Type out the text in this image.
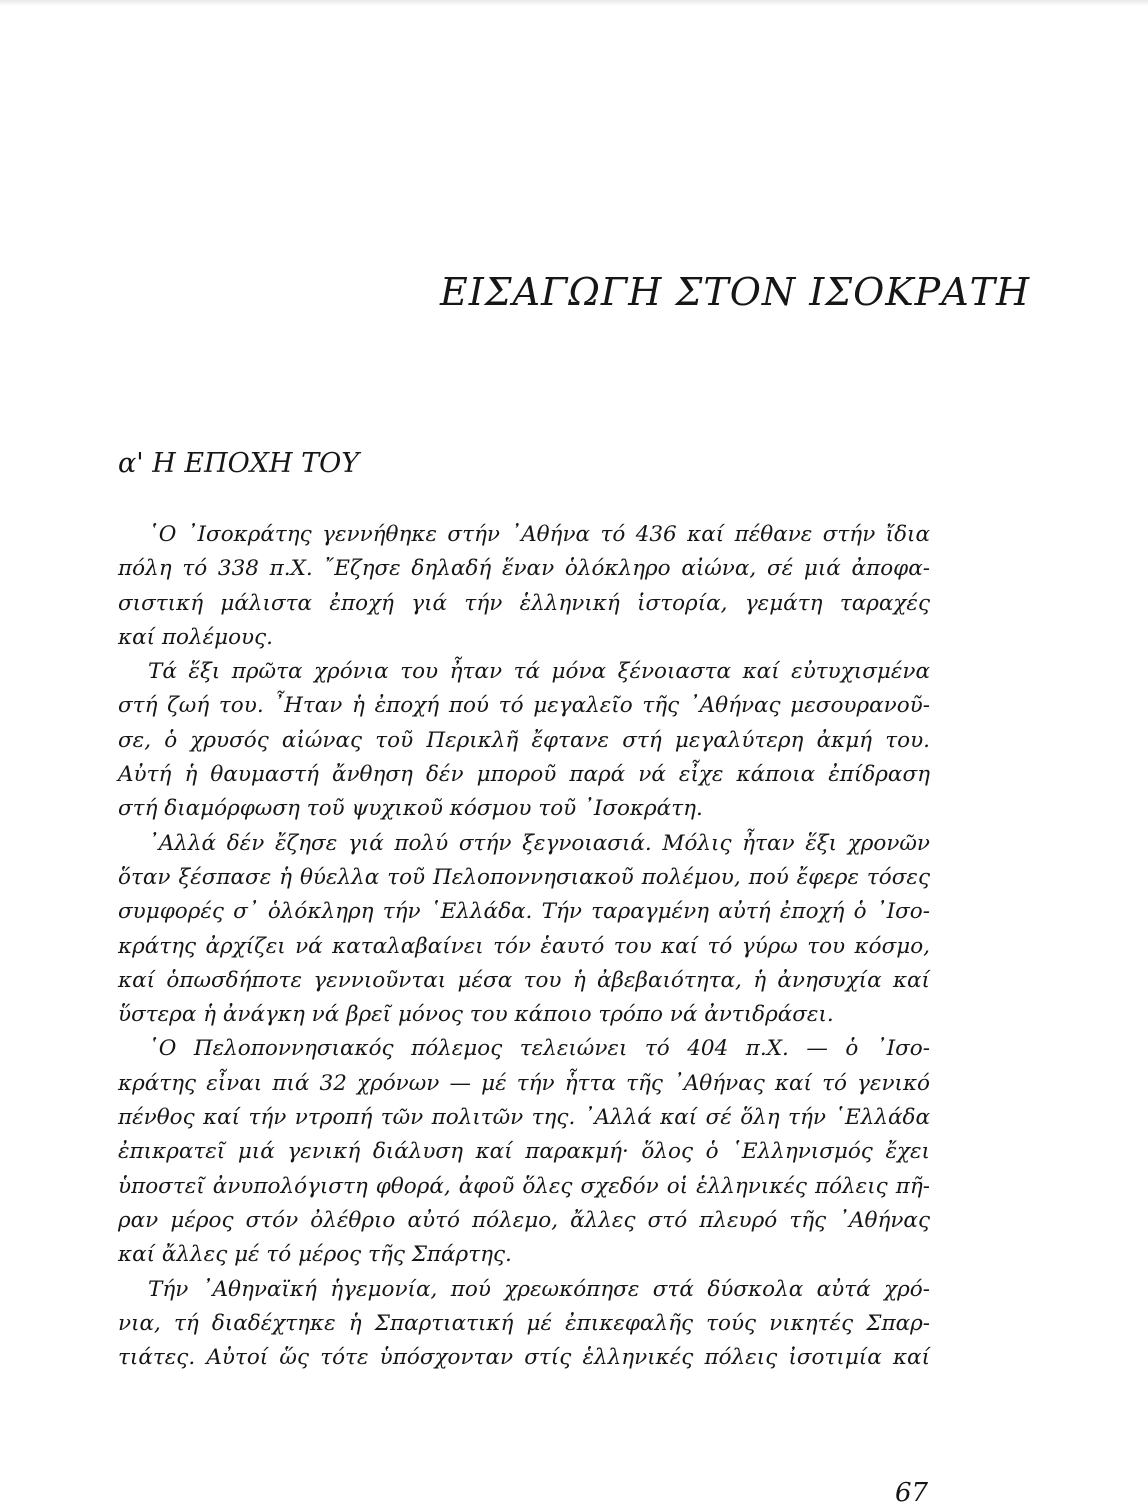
ΕΙΣΑΓΩΓΗ ΣΤΟΝ ΙΣΟΚΡΑΤΗ
α' Η ΕΠΟΧΗ ΤΟΥ

῾Ο ᾿Ισοκράτης γεννήθηκε στήν ᾿Αθήνα τό 436 καί πέθανε στήν ἴδια
πόλη τό 338 π.Χ. ῎Εζησε δηλαδή ἕναν ὁλόκληρο αἰώνα, σέ μιά ἀποφα-
σιστική μάλιστα ἐποχή γιά τήν ἑλληνική ἱστορία, γεμάτη ταραχές
καί πολέμους.

Τά ἕξι πρῶτα χρόνια του ἦταν τά μόνα ξένοιαστα καί εὐτυχισμένα
στή ζωή του. ῏Ηταν ἡ ἐποχή πού τό μεγαλεῖο τῆς ᾿Αθήνας μεσουρανοῦ-
σε, ὁ χρυσός αἰώνας τοῦ Περικλῆ ἔφτανε στή μεγαλύτερη ἀκμή του.
Αὐτή ἡ θαυμαστή ἄνθηση δέν μποροῦ παρά νά εἶχε κάποια ἐπίδραση
στή διαμόρφωση τοῦ ψυχικοῦ κόσμου τοῦ ᾿Ισοκράτη.

᾿Αλλά δέν ἔζησε γιά πολύ στήν ξεγνοιασιά. Μόλις ἦταν ἕξι χρονῶν
ὅταν ξέσπασε ἡ θύελλα τοῦ Πελοποννησιακοῦ πολέμου, πού ἔφερε τόσες
συμφορές σ᾿ ὁλόκληρη τήν ῾Ελλάδα. Τήν ταραγμένη αὐτή ἐποχή ὁ ᾿Ισο-
κράτης ἀρχίζει νά καταλαβαίνει τόν ἑαυτό του καί τό γύρω του κόσμο,
καί ὁπωσδήποτε γεννιοῦνται μέσα του ἡ ἀβεβαιότητα, ἡ ἀνησυχία καί
ὕστερα ἡ ἀνάγκη νά βρεῖ μόνος του κάποιο τρόπο νά ἀντιδράσει.

῾Ο Πελοποννησιακός πόλεμος τελειώνει τό 404 π.Χ. — ὁ ᾿Ισο-
κράτης εἶναι πιά 32 χρόνων — μέ τήν ἧττα τῆς ᾿Αθήνας καί τό γενικό
πένθος καί τήν ντροπή τῶν πολιτῶν της. ᾿Αλλά καί σέ ὅλη τήν ῾Ελλάδα
ἐπικρατεῖ μιά γενική διάλυση καί παρακμή· ὅλος ὁ ῾Ελληνισμός ἔχει
ὑποστεῖ ἀνυπολόγιστη φθορά, ἀφοῦ ὅλες σχεδόν οἱ ἑλληνικές πόλεις πῆ-
ραν μέρος στόν ὀλέθριο αὐτό πόλεμο, ἄλλες στό πλευρό τῆς ᾿Αθήνας
καί ἄλλες μέ τό μέρος τῆς Σπάρτης.

Τήν ᾿Αθηναϊκή ἡγεμονία, πού χρεωκόπησε στά δύσκολα αὐτά χρό-
νια, τή διαδέχτηκε ἡ Σπαρτιατική μέ ἐπικεφαλῆς τούς νικητές Σπαρ-
τιάτες. Αὐτοί ὥς τότε ὑπόσχονταν στίς ἑλληνικές πόλεις ἰσοτιμία καί

67
